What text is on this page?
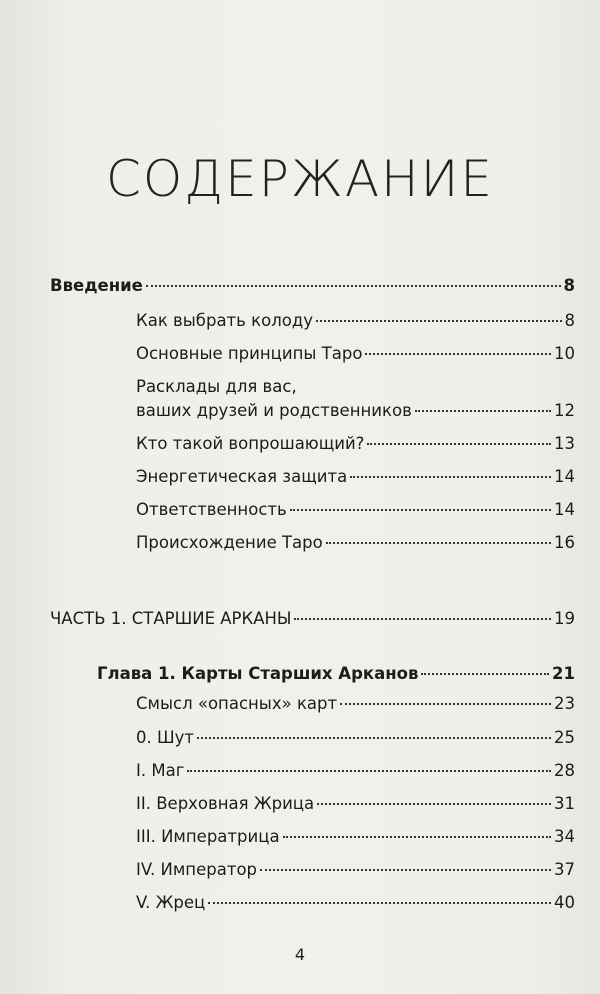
СОДЕРЖАНИЕ
Введение	8
Как выбрать колоду	8
Основные принципы Таро	10
Расклады для вас,
ваших друзей и родственников	12
Кто такой вопрошающий?	13
Энергетическая защита	14
Ответственность	14
Происхождение Таро	16
ЧАСТЬ 1. СТАРШИЕ АРКАНЫ	19
Глава 1. Карты Старших Арканов	21
Смысл «опасных» карт	23
0. Шут	25
I. Маг	28
II. Верховная Жрица	31
III. Императрица	34
IV. Император	37
V. Жрец	40
4
